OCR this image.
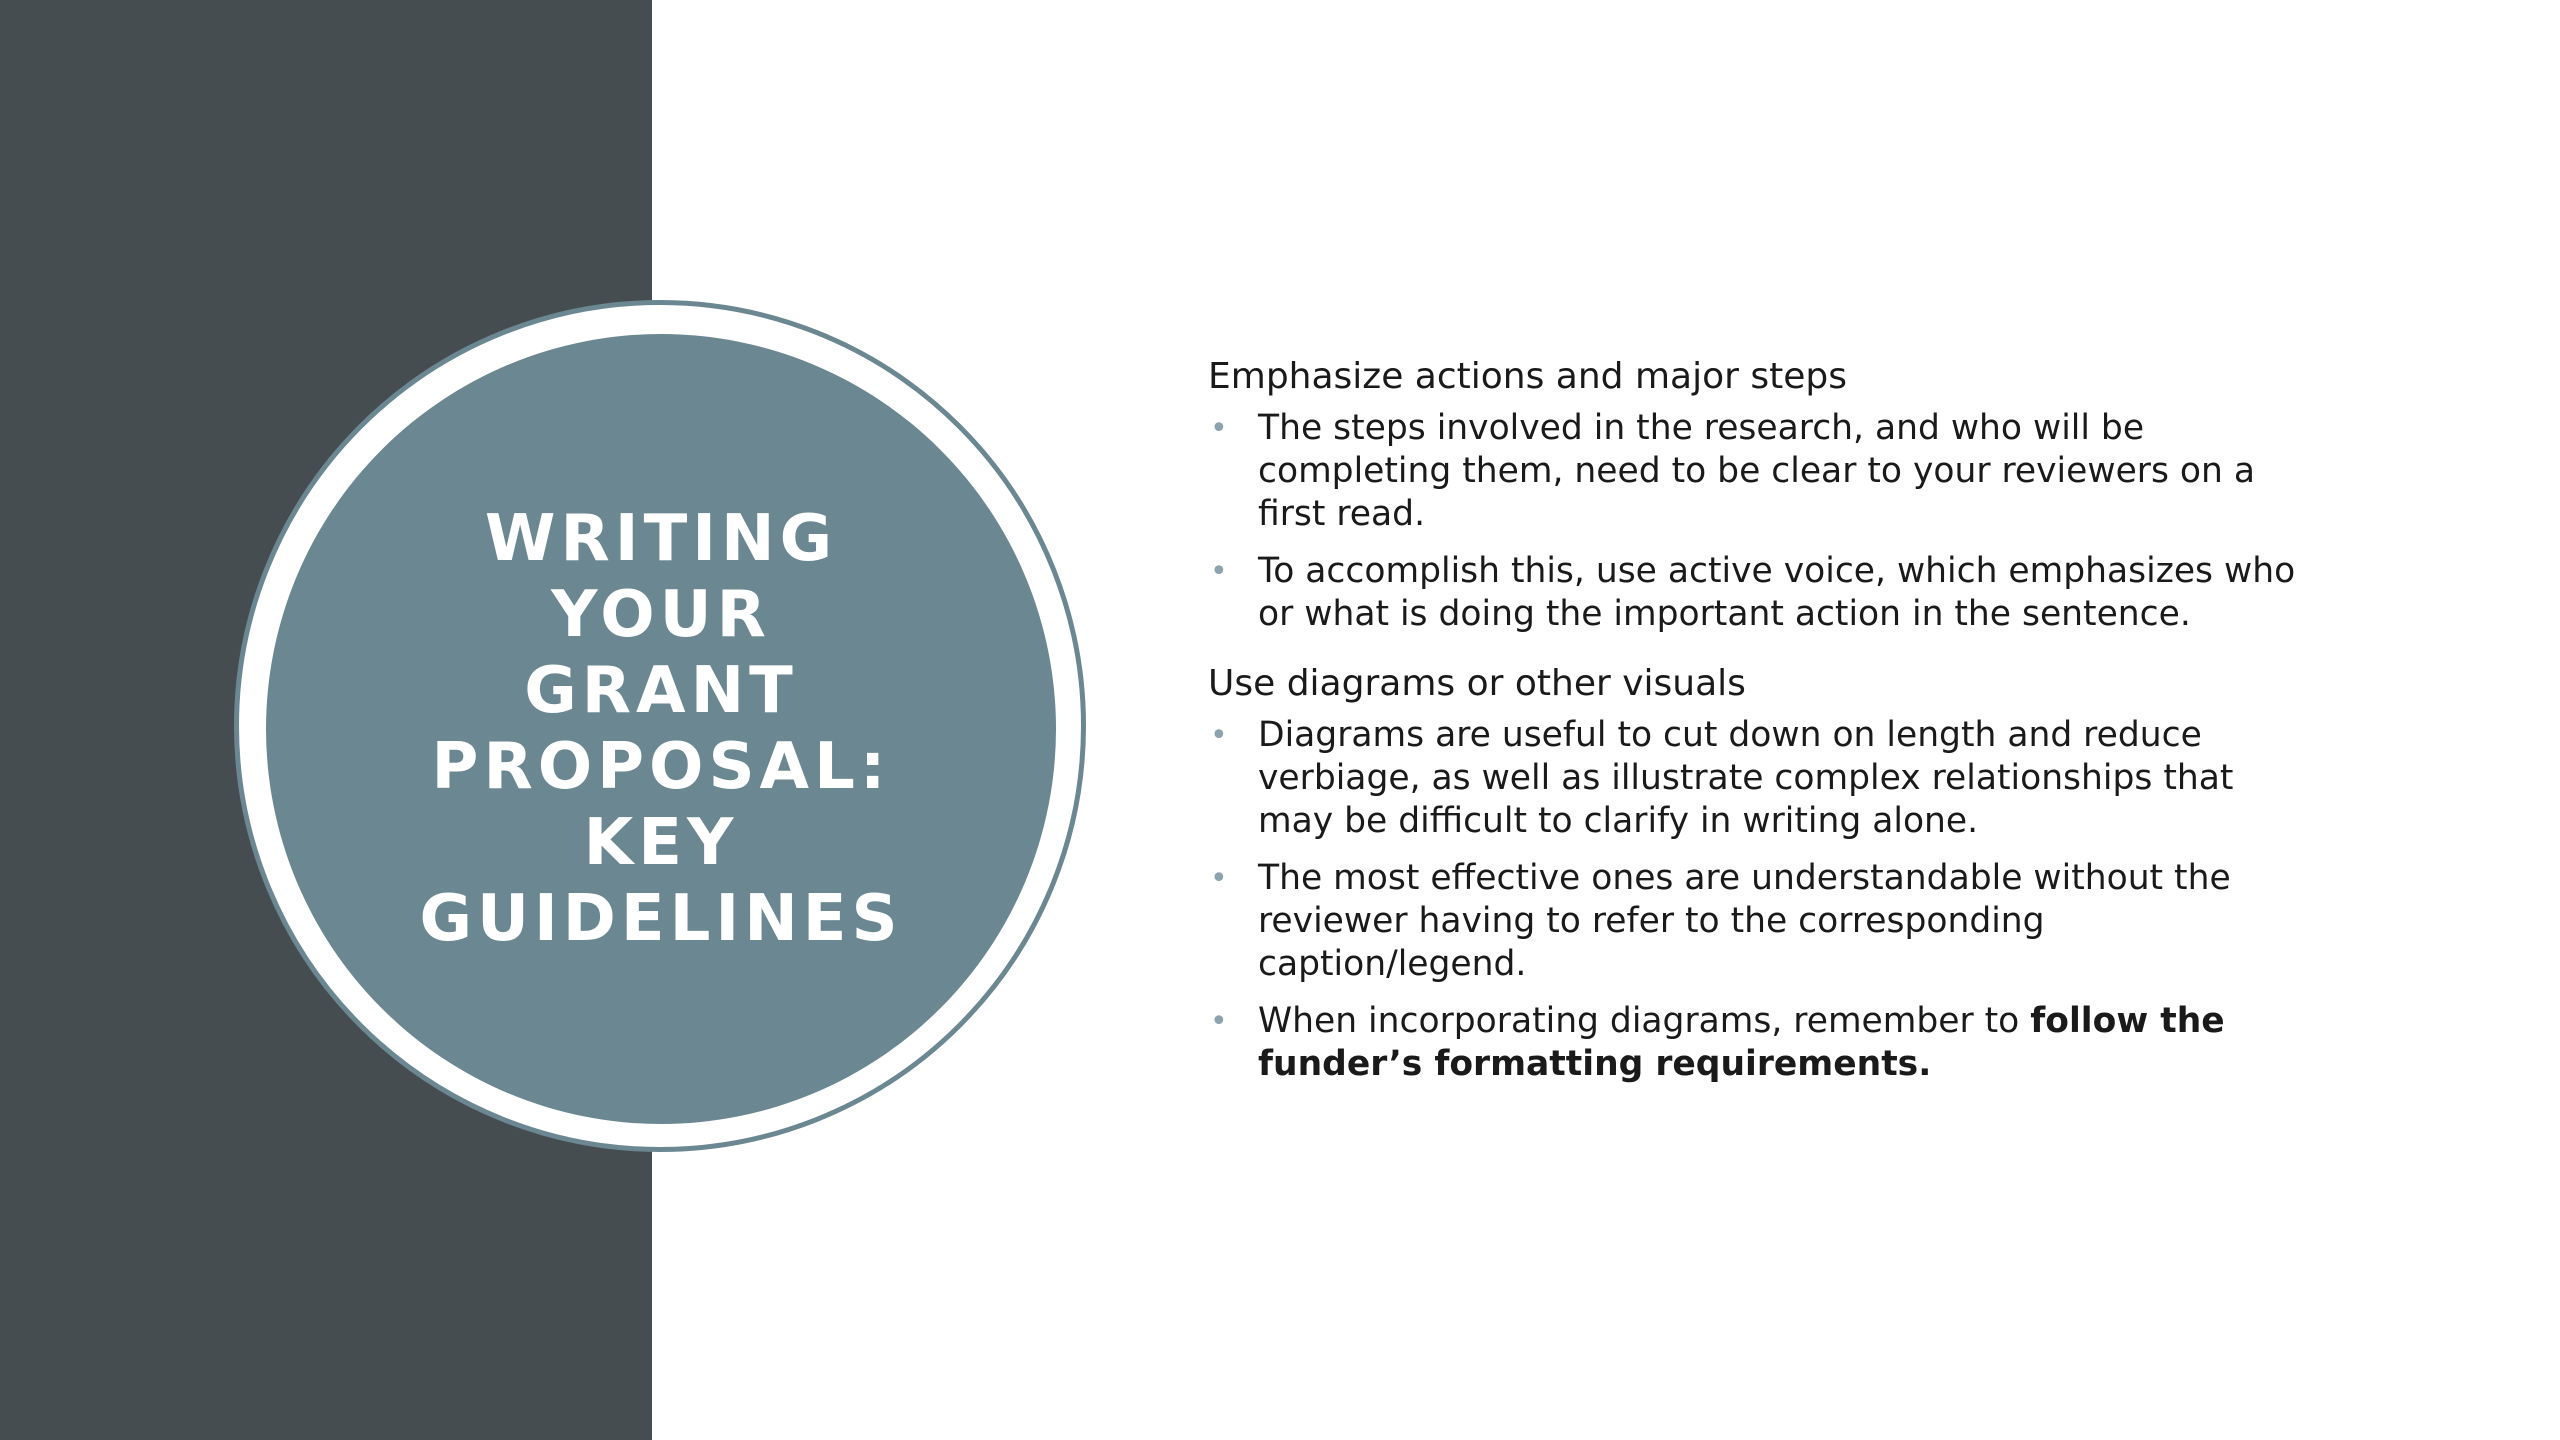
WRITING
YOUR
GRANT
PROPOSAL:
KEY
GUIDELINES

Emphasize actions and major steps

• The steps involved in the research, and who will be completing them, need to be clear to your reviewers on a first read.
• To accomplish this, use active voice, which emphasizes who or what is doing the important action in the sentence.

Use diagrams or other visuals

• Diagrams are useful to cut down on length and reduce verbiage, as well as illustrate complex relationships that may be difficult to clarify in writing alone.
• The most effective ones are understandable without the reviewer having to refer to the corresponding caption/legend.
• When incorporating diagrams, remember to follow the funder’s formatting requirements.
